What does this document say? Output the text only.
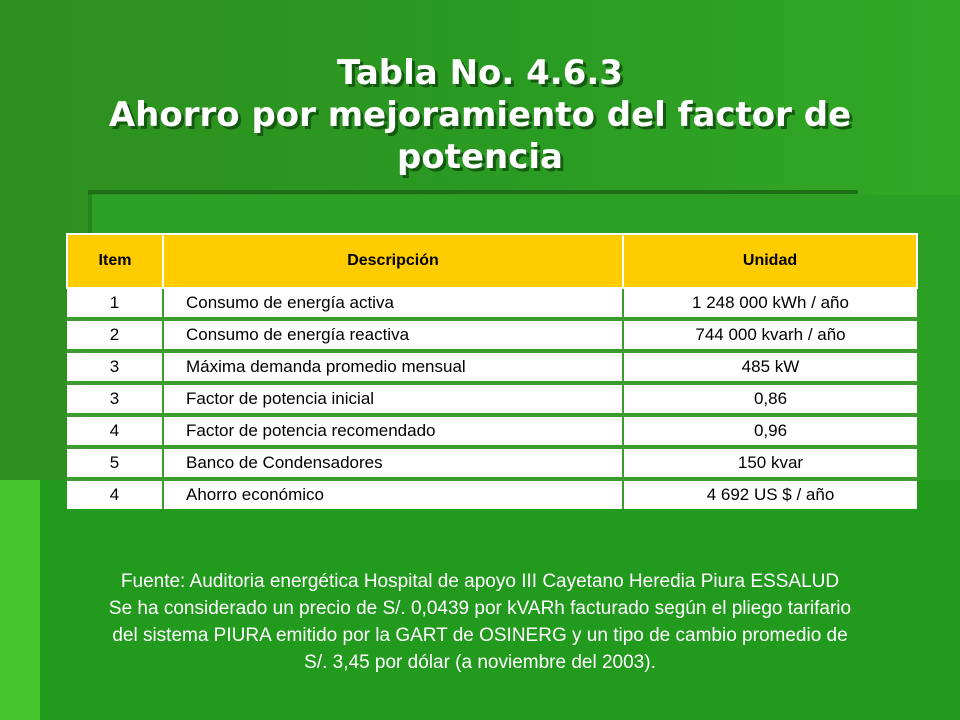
Tabla No. 4.6.3
Ahorro por mejoramiento del factor de
potencia
Item	Descripción	Unidad
1	Consumo de energía activa	1 248 000 kWh / año
2	Consumo de energía reactiva	744 000 kvarh / año
3	Máxima demanda promedio mensual	485 kW
3	Factor de potencia inicial	0,86
4	Factor de potencia recomendado	0,96
5	Banco de Condensadores	150 kvar
4	Ahorro económico	4 692 US $ / año
Fuente: Auditoria energética Hospital de apoyo III Cayetano Heredia Piura ESSALUD
Se ha considerado un precio de S/. 0,0439 por kVARh facturado según el pliego tarifario
del sistema PIURA emitido por la GART de OSINERG y un tipo de cambio promedio de
S/. 3,45 por dólar (a noviembre del 2003).
